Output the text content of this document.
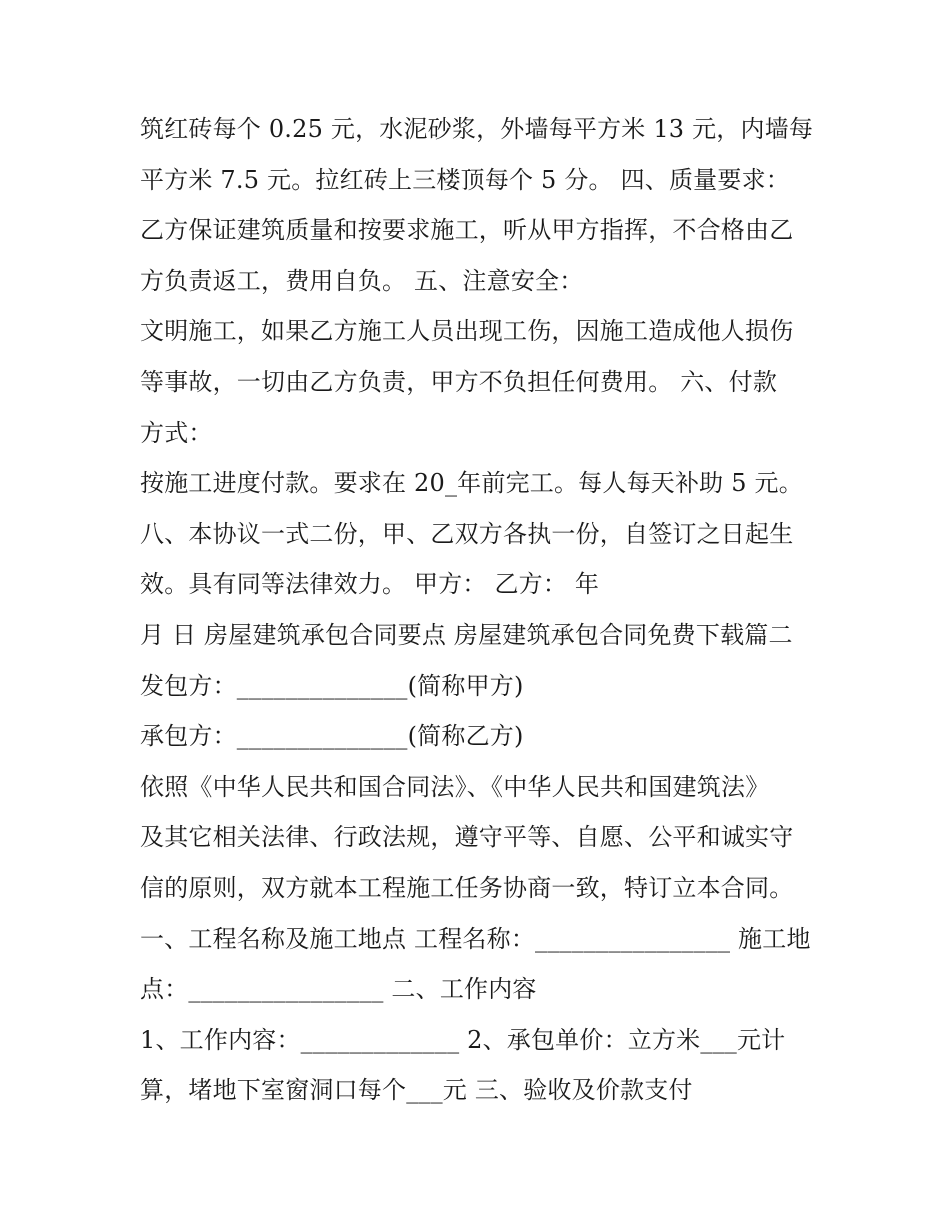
筑红砖每个 0.25 元，水泥砂浆，外墙每平方米 13 元，内墙每
平方米 7.5 元。拉红砖上三楼顶每个 5 分。 四、质量要求：
乙方保证建筑质量和按要求施工，听从甲方指挥，不合格由乙
方负责返工，费用自负。 五、注意安全：
文明施工，如果乙方施工人员出现工伤，因施工造成他人损伤
等事故，一切由乙方负责，甲方不负担任何费用。 六、付款
方式：
按施工进度付款。要求在 20_年前完工。每人每天补助 5 元。
八、本协议一式二份，甲、乙双方各执一份，自签订之日起生
效。具有同等法律效力。 甲方： 乙方： 年
月 日 房屋建筑承包合同要点 房屋建筑承包合同免费下载篇二
发包方：______________(简称甲方)
承包方：______________(简称乙方)
依照《中华人民共和国合同法》、《中华人民共和国建筑法》
及其它相关法律、行政法规，遵守平等、自愿、公平和诚实守
信的原则，双方就本工程施工任务协商一致，特订立本合同。
一、工程名称及施工地点 工程名称：________________ 施工地
点：________________ 二、工作内容
1、工作内容：_____________ 2、承包单价：立方米___元计
算，堵地下室窗洞口每个___元 三、验收及价款支付
